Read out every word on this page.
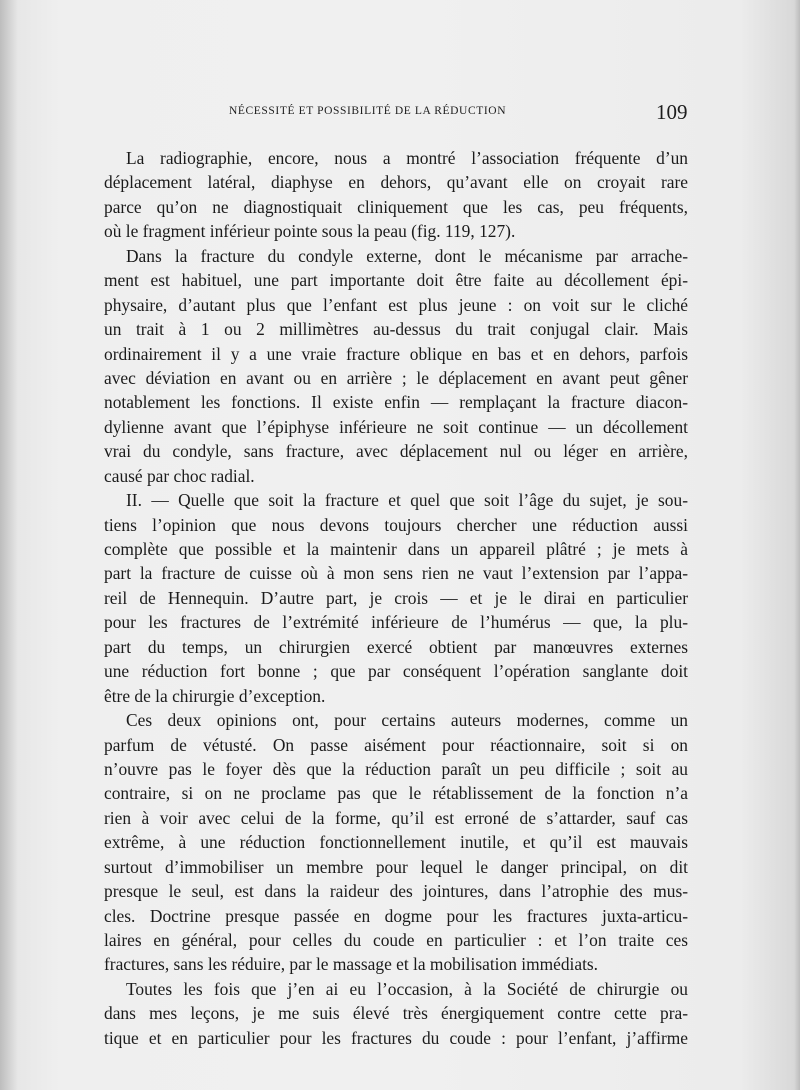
NÉCESSITÉ ET POSSIBILITÉ DE LA RÉDUCTION	109
La radiographie, encore, nous a montré l’association fréquente d’un
déplacement latéral, diaphyse en dehors, qu’avant elle on croyait rare
parce qu’on ne diagnostiquait cliniquement que les cas, peu fréquents,
où le fragment inférieur pointe sous la peau (fig. 119, 127).
Dans la fracture du condyle externe, dont le mécanisme par arrache-
ment est habituel, une part importante doit être faite au décollement épi-
physaire, d’autant plus que l’enfant est plus jeune : on voit sur le cliché
un trait à 1 ou 2 millimètres au-dessus du trait conjugal clair. Mais
ordinairement il y a une vraie fracture oblique en bas et en dehors, parfois
avec déviation en avant ou en arrière ; le déplacement en avant peut gêner
notablement les fonctions. Il existe enfin — remplaçant la fracture diacon-
dylienne avant que l’épiphyse inférieure ne soit continue — un décollement
vrai du condyle, sans fracture, avec déplacement nul ou léger en arrière,
causé par choc radial.
II. — Quelle que soit la fracture et quel que soit l’âge du sujet, je sou-
tiens l’opinion que nous devons toujours chercher une réduction aussi
complète que possible et la maintenir dans un appareil plâtré ; je mets à
part la fracture de cuisse où à mon sens rien ne vaut l’extension par l’appa-
reil de Hennequin. D’autre part, je crois — et je le dirai en particulier
pour les fractures de l’extrémité inférieure de l’humérus — que, la plu-
part du temps, un chirurgien exercé obtient par manœuvres externes
une réduction fort bonne ; que par conséquent l’opération sanglante doit
être de la chirurgie d’exception.
Ces deux opinions ont, pour certains auteurs modernes, comme un
parfum de vétusté. On passe aisément pour réactionnaire, soit si on
n’ouvre pas le foyer dès que la réduction paraît un peu difficile ; soit au
contraire, si on ne proclame pas que le rétablissement de la fonction n’a
rien à voir avec celui de la forme, qu’il est erroné de s’attarder, sauf cas
extrême, à une réduction fonctionnellement inutile, et qu’il est mauvais
surtout d’immobiliser un membre pour lequel le danger principal, on dit
presque le seul, est dans la raideur des jointures, dans l’atrophie des mus-
cles. Doctrine presque passée en dogme pour les fractures juxta-articu-
laires en général, pour celles du coude en particulier : et l’on traite ces
fractures, sans les réduire, par le massage et la mobilisation immédiats.
Toutes les fois que j’en ai eu l’occasion, à la Société de chirurgie ou
dans mes leçons, je me suis élevé très énergiquement contre cette pra-
tique et en particulier pour les fractures du coude : pour l’enfant, j’affirme
